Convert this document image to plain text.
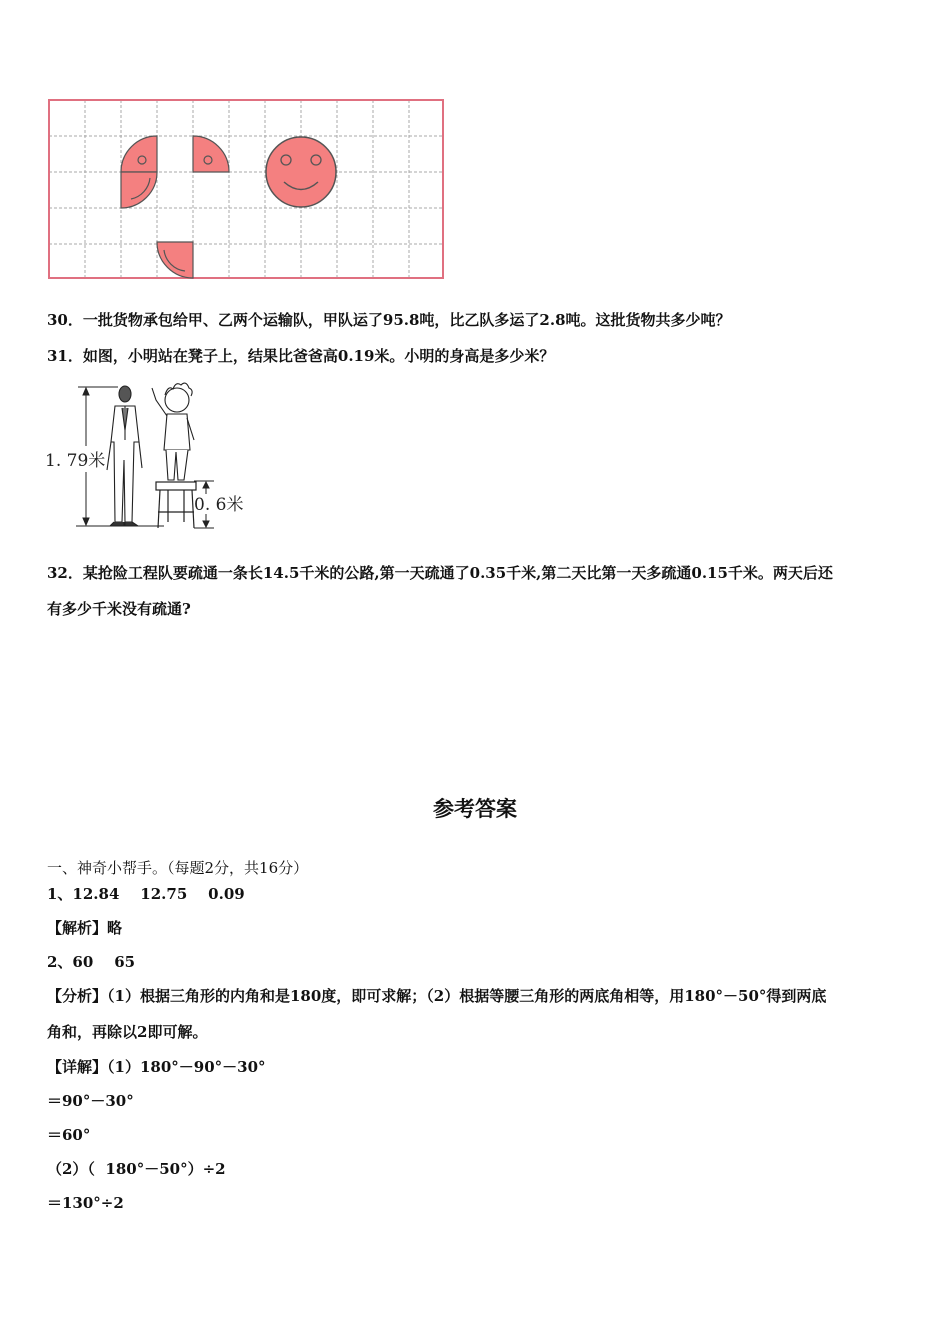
30．一批货物承包给甲、乙两个运输队，甲队运了95.8吨，比乙队多运了2.8吨。这批货物共多少吨？
31．如图，小明站在凳子上，结果比爸爸高0.19米。小明的身高是多少米？
1. 79米
0. 6米
32．某抢险工程队要疏通一条长14.5千米的公路,第一天疏通了0.35千米,第二天比第一天多疏通0.15千米。两天后还
有多少千米没有疏通?
参考答案
一、神奇小帮手。（每题2分，共16分）
1、12.84    12.75    0.09
【解析】略
2、60    65
【分析】（1）根据三角形的内角和是180度，即可求解；（2）根据等腰三角形的两底角相等，用180°－50°得到两底
角和，再除以2即可解。
【详解】（1）180°－90°－30°
＝90°－30°
＝60°
（2）（  180°－50°）÷2
＝130°÷2
